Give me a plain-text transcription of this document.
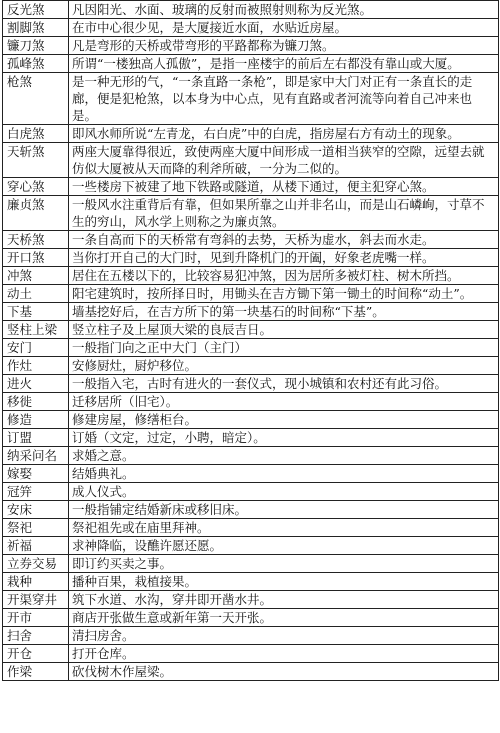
反光煞	凡因阳光、水面、玻璃的反射而被照射则称为反光煞。
割脚煞	在市中心很少见，是大厦接近水面，水贴近房屋。
镰刀煞	凡是弯形的天桥或带弯形的平路都称为镰刀煞。
孤峰煞	所谓“一楼独高人孤傲”，是指一座楼宇的前后左右都没有靠山或大厦。
枪煞	是一种无形的气，“一条直路一条枪”，即是家中大门对正有一条直长的走廊，便是犯枪煞，以本身为中心点，见有直路或者河流等向着自己冲来也是。
白虎煞	即风水师所说“左青龙，右白虎”中的白虎，指房屋右方有动土的现象。
天斩煞	两座大厦靠得很近，致使两座大厦中间形成一道相当狭窄的空隙，远望去就仿似大厦被从天而降的利斧所破，一分为二似的。
穿心煞	一些楼房下被建了地下铁路或隧道，从楼下通过，便主犯穿心煞。
廉贞煞	一般风水注重背后有靠，但如果所靠之山并非名山，而是山石嶙峋，寸草不生的穷山，风水学上则称之为廉贞煞。
天桥煞	一条自高而下的天桥常有弯斜的去势，天桥为虚水，斜去而水走。
开口煞	当你打开自己的大门时，见到升降机门的开阖，好象老虎嘴一样。
冲煞	居住在五楼以下的，比较容易犯冲煞，因为居所多被灯柱、树木所挡。
动土	阳宅建筑时，按所择日时，用锄头在吉方锄下第一锄土的时间称“动土”。
下基	墙基挖好后，在吉方所下的第一块基石的时间称“下基”。
竖柱上梁	竖立柱子及上屋顶大梁的良辰吉日。
安门	一般指门向之正中大门（主门）
作灶	安修厨灶，厨炉移位。
进火	一般指入宅，古时有进火的一套仪式，现小城镇和农村还有此习俗。
移徙	迁移居所（旧宅）。
修造	修建房屋，修缮柜台。
订盟	订婚（文定，过定，小聘，暗定）。
纳采问名	求婚之意。
嫁娶	结婚典礼。
冠笄	成人仪式。
安床	一般指铺定结婚新床或移旧床。
祭祀	祭祀祖先或在庙里拜神。
祈福	求神降临，设醮许愿还愿。
立券交易	即订约买卖之事。
栽种	播种百果，栽植接果。
开渠穿井	筑下水道、水沟，穿井即开凿水井。
开市	商店开张做生意或新年第一天开张。
扫舍	清扫房舍。
开仓	打开仓库。
作梁	砍伐树木作屋梁。
